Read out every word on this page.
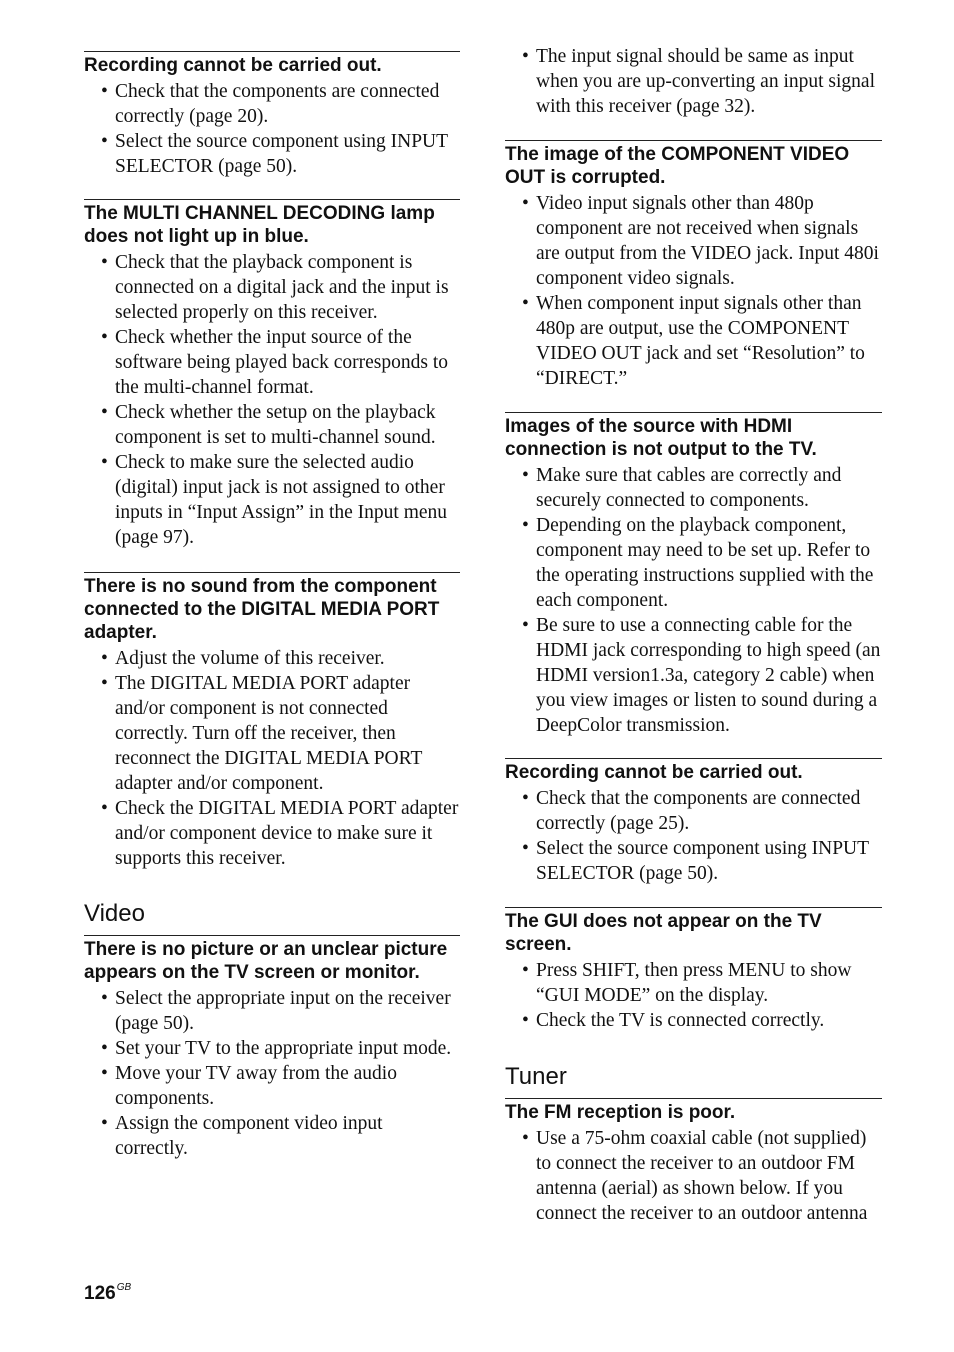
Recording cannot be carried out.
• Check that the components are connected correctly (page 20).
• Select the source component using INPUT SELECTOR (page 50).
The MULTI CHANNEL DECODING lamp does not light up in blue.
• Check that the playback component is connected on a digital jack and the input is selected properly on this receiver.
• Check whether the input source of the software being played back corresponds to the multi-channel format.
• Check whether the setup on the playback component is set to multi-channel sound.
• Check to make sure the selected audio (digital) input jack is not assigned to other inputs in “Input Assign” in the Input menu (page 97).
There is no sound from the component connected to the DIGITAL MEDIA PORT adapter.
• Adjust the volume of this receiver.
• The DIGITAL MEDIA PORT adapter and/or component is not connected correctly. Turn off the receiver, then reconnect the DIGITAL MEDIA PORT adapter and/or component.
• Check the DIGITAL MEDIA PORT adapter and/or component device to make sure it supports this receiver.
Video
There is no picture or an unclear picture appears on the TV screen or monitor.
• Select the appropriate input on the receiver (page 50).
• Set your TV to the appropriate input mode.
• Move your TV away from the audio components.
• Assign the component video input correctly.
• The input signal should be same as input when you are up-converting an input signal with this receiver (page 32).
The image of the COMPONENT VIDEO OUT is corrupted.
• Video input signals other than 480p component are not received when signals are output from the VIDEO jack. Input 480i component video signals.
• When component input signals other than 480p are output, use the COMPONENT VIDEO OUT jack and set “Resolution” to “DIRECT.”
Images of the source with HDMI connection is not output to the TV.
• Make sure that cables are correctly and securely connected to components.
• Depending on the playback component, component may need to be set up. Refer to the operating instructions supplied with the each component.
• Be sure to use a connecting cable for the HDMI jack corresponding to high speed (an HDMI version1.3a, category 2 cable) when you view images or listen to sound during a DeepColor transmission.
Recording cannot be carried out.
• Check that the components are connected correctly (page 25).
• Select the source component using INPUT SELECTOR (page 50).
The GUI does not appear on the TV screen.
• Press SHIFT, then press MENU to show “GUI MODE” on the display.
• Check the TV is connected correctly.
Tuner
The FM reception is poor.
• Use a 75-ohm coaxial cable (not supplied) to connect the receiver to an outdoor FM antenna (aerial) as shown below. If you connect the receiver to an outdoor antenna
$126^{GB}$
